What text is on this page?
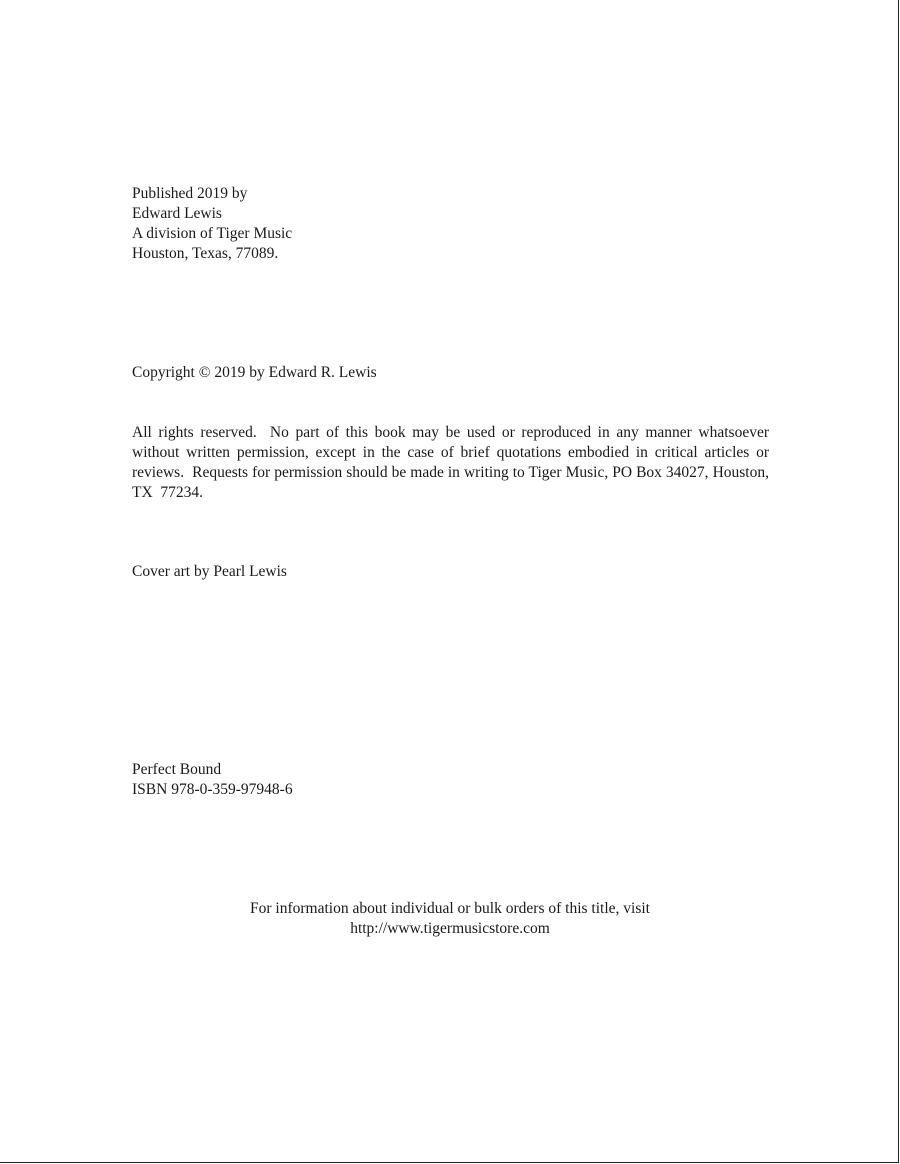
Published 2019 by
Edward Lewis
A division of Tiger Music
Houston, Texas, 77089.
Copyright © 2019 by Edward R. Lewis
All rights reserved.  No part of this book may be used or reproduced in any manner whatsoever without written permission, except in the case of brief quotations embodied in critical articles or reviews.  Requests for permission should be made in writing to Tiger Music, PO Box 34027, Houston, TX  77234.
Cover art by Pearl Lewis
Perfect Bound
ISBN 978-0-359-97948-6
For information about individual or bulk orders of this title, visit
http://www.tigermusicstore.com
